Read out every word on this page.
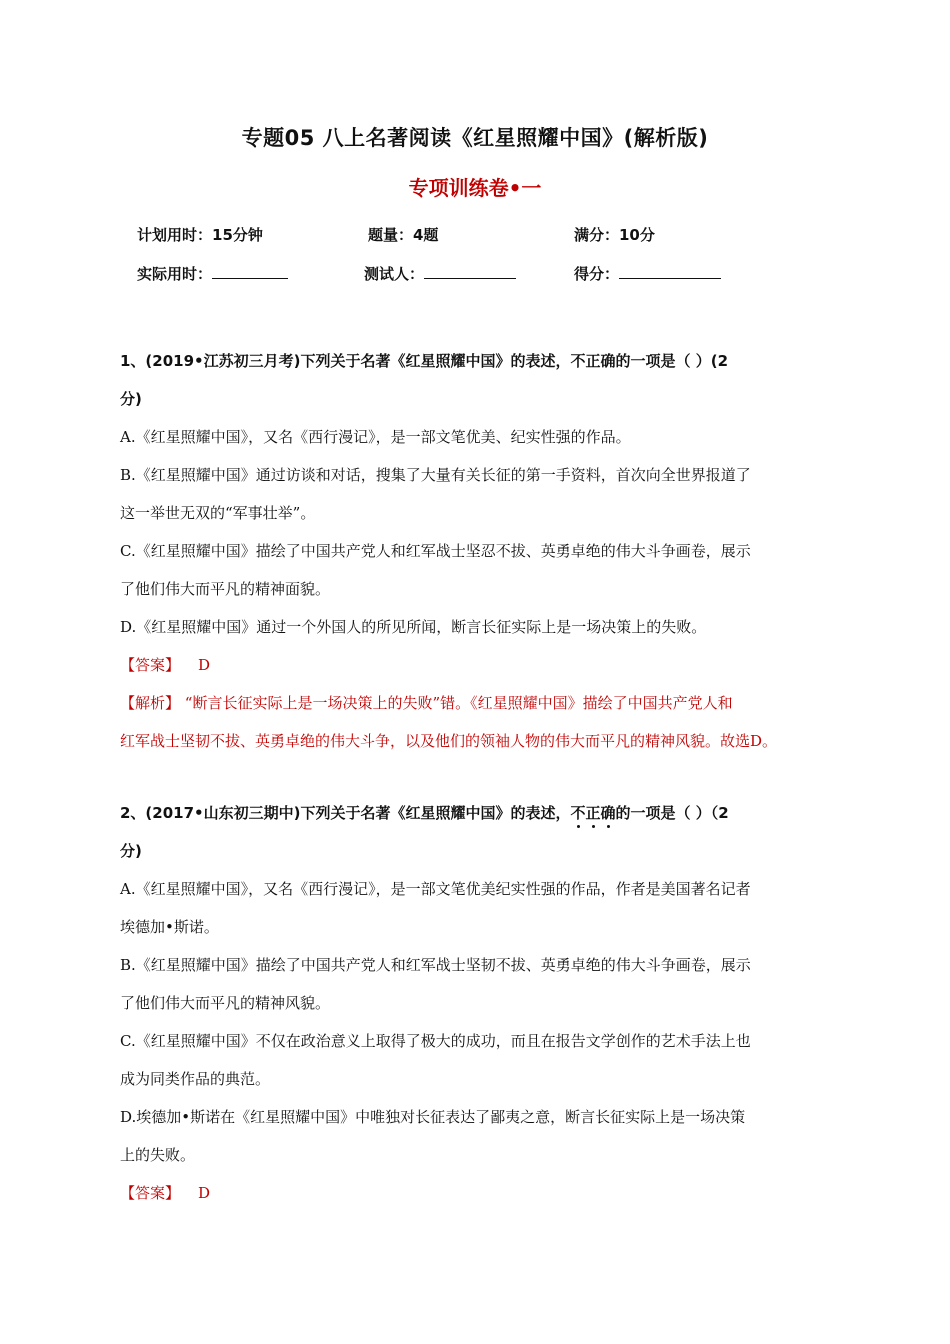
专题05 八上名著阅读《红星照耀中国》(解析版)
专项训练卷•一
计划用时：15分钟	题量：4题	满分：10分
实际用时：	测试人：	得分：
1、(2019•江苏初三月考)下列关于名著《红星照耀中国》的表述，不正确的一项是（ ）(2
分)
A.《红星照耀中国》，又名《西行漫记》，是一部文笔优美、纪实性强的作品。
B.《红星照耀中国》通过访谈和对话，搜集了大量有关长征的第一手资料，首次向全世界报道了
这一举世无双的“军事壮举”。
C.《红星照耀中国》描绘了中国共产党人和红军战士坚忍不拔、英勇卓绝的伟大斗争画卷，展示
了他们伟大而平凡的精神面貌。
D.《红星照耀中国》通过一个外国人的所见所闻，断言长征实际上是一场决策上的失败。
【答案】 D
【解析】 “断言长征实际上是一场决策上的失败”错。《红星照耀中国》描绘了中国共产党人和
红军战士坚韧不拔、英勇卓绝的伟大斗争，以及他们的领袖人物的伟大而平凡的精神风貌。故选D。
2、(2017•山东初三期中)下列关于名著《红星照耀中国》的表述，不
正
确
的一项是（ ）（2
分)
A.《红星照耀中国》，又名《西行漫记》，是一部文笔优美纪实性强的作品，作者是美国著名记者
埃德加•斯诺。
B.《红星照耀中国》描绘了中国共产党人和红军战士坚韧不拔、英勇卓绝的伟大斗争画卷，展示
了他们伟大而平凡的精神风貌。
C.《红星照耀中国》不仅在政治意义上取得了极大的成功，而且在报告文学创作的艺术手法上也
成为同类作品的典范。
D.埃德加•斯诺在《红星照耀中国》中唯独对长征表达了鄙夷之意，断言长征实际上是一场决策
上的失败。
【答案】 D
